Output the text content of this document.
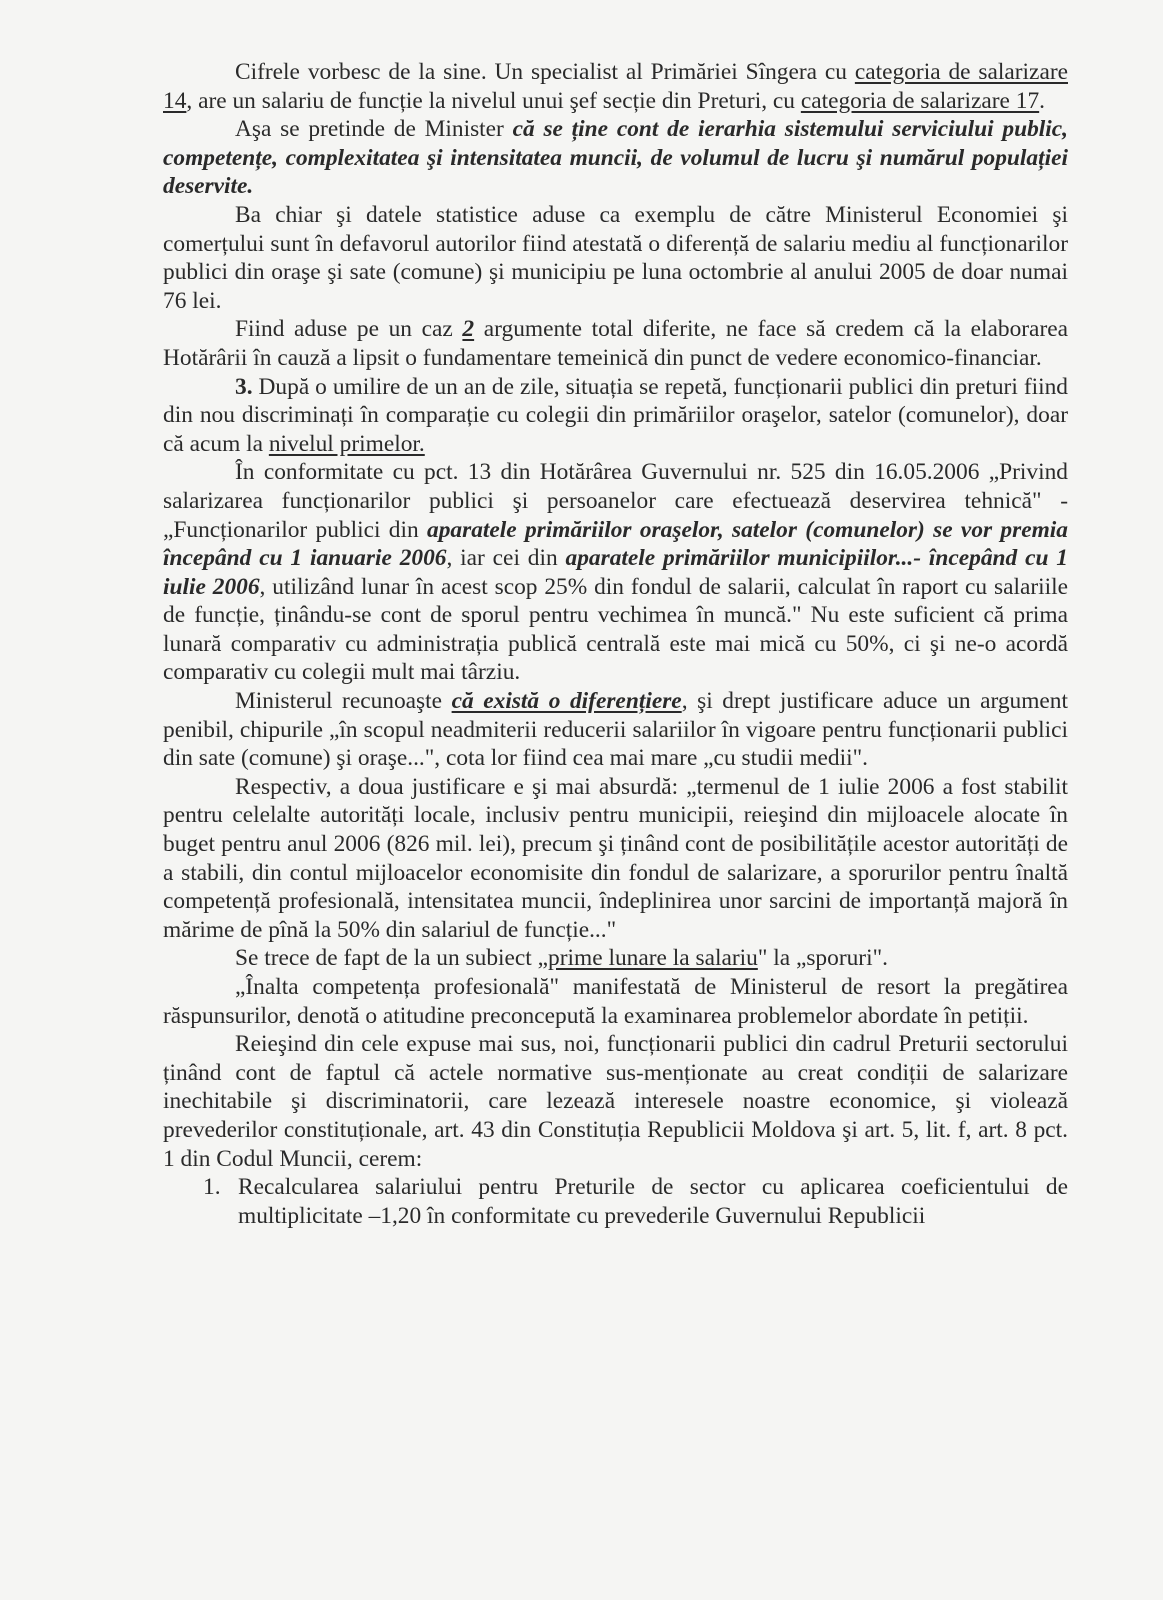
Cifrele vorbesc de la sine. Un specialist al Primăriei Sîngera cu categoria de salarizare 14, are un salariu de funcție la nivelul unui şef secție din Preturi, cu categoria de salarizare 17.

Aşa se pretinde de Minister că se ține cont de ierarhia sistemului serviciului public, competențe, complexitatea şi intensitatea muncii, de volumul de lucru şi numărul populației deservite.

Ba chiar şi datele statistice aduse ca exemplu de către Ministerul Economiei şi comerțului sunt în defavorul autorilor fiind atestată o diferență de salariu mediu al funcționarilor publici din oraşe şi sate (comune) şi municipiu pe luna octombrie al anului 2005 de doar numai 76 lei.

Fiind aduse pe un caz 2 argumente total diferite, ne face să credem că la elaborarea Hotărârii în cauză a lipsit o fundamentare temeinică din punct de vedere economico-financiar.

3. După o umilire de un an de zile, situația se repetă, funcționarii publici din preturi fiind din nou discriminați în comparație cu colegii din primăriilor oraşelor, satelor (comunelor), doar că acum la nivelul primelor.

În conformitate cu pct. 13 din Hotărârea Guvernului nr. 525 din 16.05.2006 „Privind salarizarea funcționarilor publici şi persoanelor care efectuează deservirea tehnică" - „Funcționarilor publici din aparatele primăriilor oraşelor, satelor (comunelor) se vor premia începând cu 1 ianuarie 2006, iar cei din aparatele primăriilor municipiilor...- începând cu 1 iulie 2006, utilizând lunar în acest scop 25% din fondul de salarii, calculat în raport cu salariile de funcție, ținându-se cont de sporul pentru vechimea în muncă." Nu este suficient că prima lunară comparativ cu administrația publică centrală este mai mică cu 50%, ci şi ne-o acordă comparativ cu colegii mult mai târziu.

Ministerul recunoaşte că există o diferențiere, şi drept justificare aduce un argument penibil, chipurile „în scopul neadmiterii reducerii salariilor în vigoare pentru funcționarii publici din sate (comune) şi oraşe...", cota lor fiind cea mai mare „cu studii medii".

Respectiv, a doua justificare e şi mai absurdă: „termenul de 1 iulie 2006 a fost stabilit pentru celelalte autorități locale, inclusiv pentru municipii, reieşind din mijloacele alocate în buget pentru anul 2006 (826 mil. lei), precum şi ținând cont de posibilitățile acestor autorități de a stabili, din contul mijloacelor economisite din fondul de salarizare, a sporurilor pentru înaltă competență profesională, intensitatea muncii, îndeplinirea unor sarcini de importanță majoră în mărime de pînă la 50% din salariul de funcție..."

Se trece de fapt de la un subiect „prime lunare la salariu" la „sporuri".

„Înalta competența profesională" manifestată de Ministerul de resort la pregătirea răspunsurilor, denotă o atitudine preconcepută la examinarea problemelor abordate în petiții.

Reieşind din cele expuse mai sus, noi, funcționarii publici din cadrul Preturii sectorului ținând cont de faptul că actele normative sus-menționate au creat condiții de salarizare inechitabile şi discriminatorii, care lezează interesele noastre economice, şi violează prevederilor constituționale, art. 43 din Constituția Republicii Moldova şi art. 5, lit. f, art. 8 pct. 1 din Codul Muncii, cerem:

1. Recalcularea salariului pentru Preturile de sector cu aplicarea coeficientului de multiplicitate –1,20 în conformitate cu prevederile Guvernului Republicii
